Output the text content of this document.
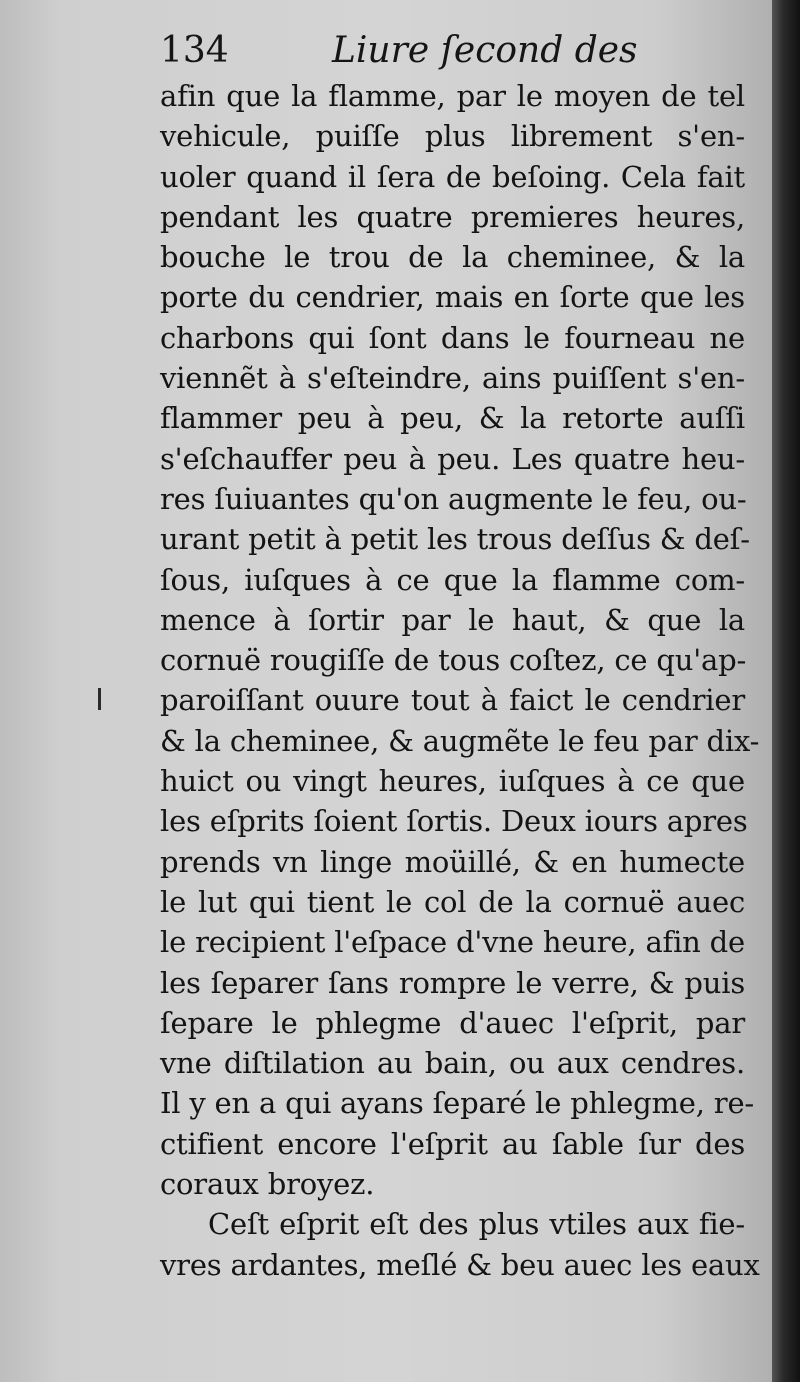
134	Liure ſecond des
afin que la flamme, par le moyen de tel
vehicule, puiſſe plus librement s'en-
uoler quand il ſera de beſoing. Cela fait
pendant les quatre premieres heures,
bouche le trou de la cheminee, & la
porte du cendrier, mais en ſorte que les
charbons qui ſont dans le fourneau ne
viennẽt à s'eſteindre, ains puiſſent s'en-
flammer peu à peu, & la retorte auſſi
s'eſchauffer peu à peu. Les quatre heu-
res ſuiuantes qu'on augmente le feu, ou-
urant petit à petit les trous deſſus & deſ-
ſous, iuſques à ce que la flamme com-
mence à ſortir par le haut, & que la
cornuë rougiſſe de tous coſtez, ce qu'ap-
paroiſſant ouure tout à faict le cendrier
& la cheminee, & augmẽte le feu par dix-
huict ou vingt heures, iuſques à ce que
les eſprits ſoient ſortis. Deux iours apres
prends vn linge moüillé, & en humecte
le lut qui tient le col de la cornuë auec
le recipient l'eſpace d'vne heure, afin de
les ſeparer ſans rompre le verre, & puis
ſepare le phlegme d'auec l'eſprit, par
vne diſtilation au bain, ou aux cendres.
Il y en a qui ayans ſeparé le phlegme, re-
ctifient encore l'eſprit au ſable ſur des
coraux broyez.
Ceſt eſprit eſt des plus vtiles aux fie-
vres ardantes, meſlé & beu auec les eaux
